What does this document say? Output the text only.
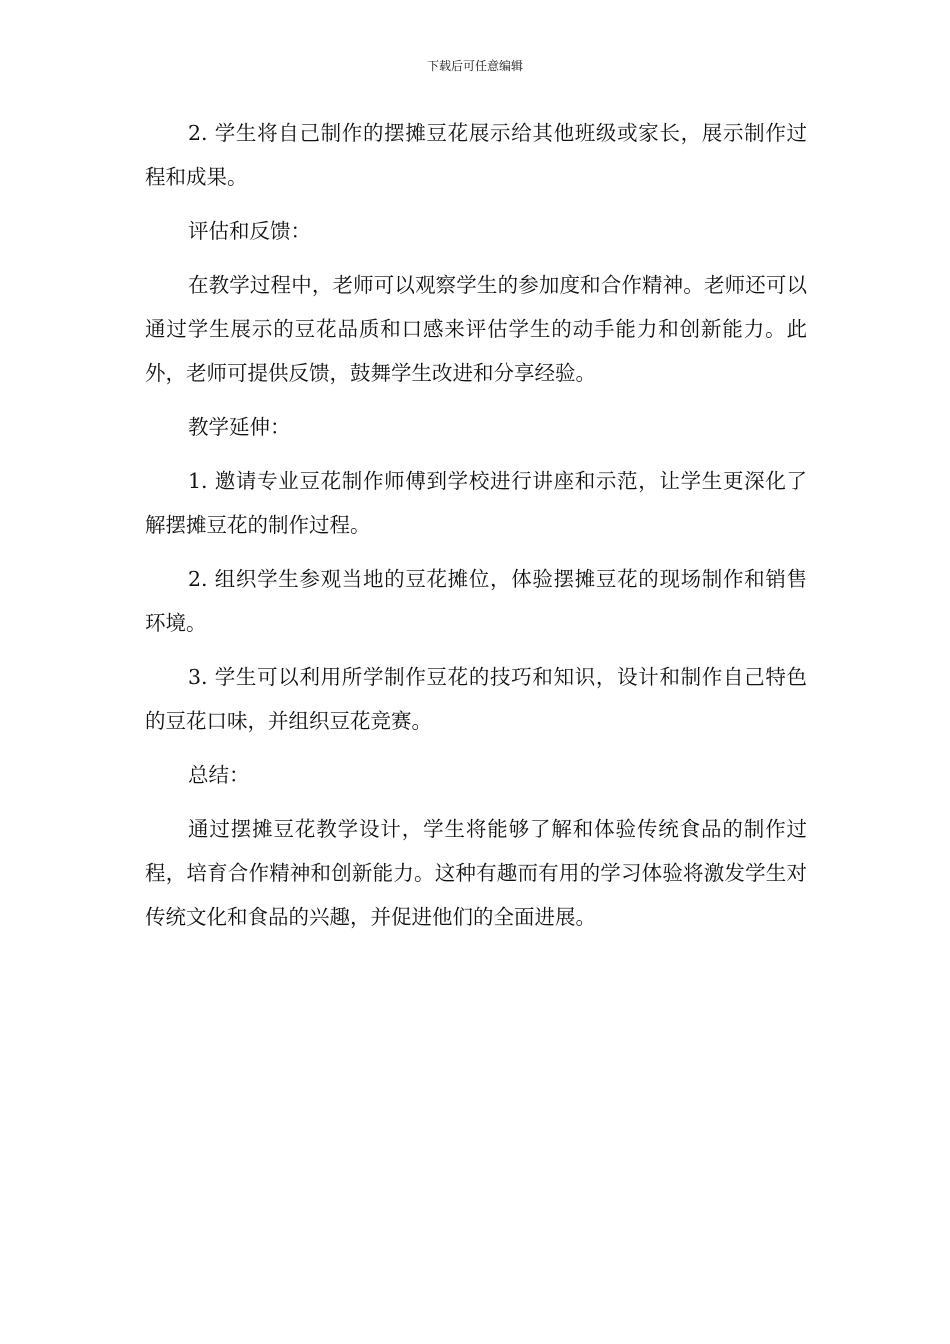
下载后可任意编辑

2. 学生将自己制作的摆摊豆花展示给其他班级或家长，展示制作过程和成果。

评估和反馈：

在教学过程中，老师可以观察学生的参加度和合作精神。老师还可以通过学生展示的豆花品质和口感来评估学生的动手能力和创新能力。此外，老师可提供反馈，鼓舞学生改进和分享经验。

教学延伸：

1. 邀请专业豆花制作师傅到学校进行讲座和示范，让学生更深化了解摆摊豆花的制作过程。

2. 组织学生参观当地的豆花摊位，体验摆摊豆花的现场制作和销售环境。

3. 学生可以利用所学制作豆花的技巧和知识，设计和制作自己特色的豆花口味，并组织豆花竞赛。

总结：

通过摆摊豆花教学设计，学生将能够了解和体验传统食品的制作过程，培育合作精神和创新能力。这种有趣而有用的学习体验将激发学生对传统文化和食品的兴趣，并促进他们的全面进展。
